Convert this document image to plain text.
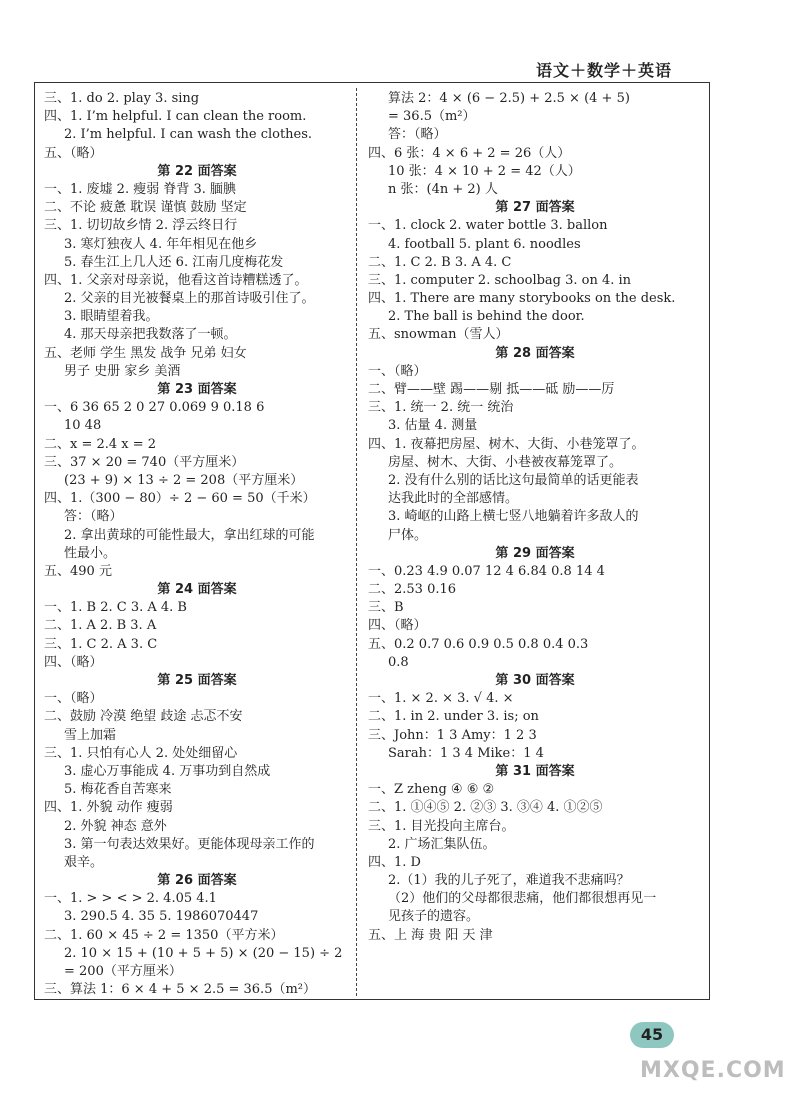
语文＋数学＋英语
三、1. do 2. play 3. sing
四、1. I’m helpful. I can clean the room.
2. I’m helpful. I can wash the clothes.
五、（略）
第 22 面答案
一、1. 废墟 2. 瘦弱 脊背 3. 腼腆
二、不论 疲惫 耽误 谨慎 鼓励 坚定
三、1. 切切故乡情 2. 浮云终日行
3. 寒灯独夜人 4. 年年相见在他乡
5. 春生江上几人还 6. 江南几度梅花发
四、1. 父亲对母亲说，他看这首诗糟糕透了。
2. 父亲的目光被餐桌上的那首诗吸引住了。
3. 眼睛望着我。
4. 那天母亲把我数落了一顿。
五、老师 学生 黑发 战争 兄弟 妇女
男子 史册 家乡 美酒
第 23 面答案
一、6 36 65 2 0 27 0.069 9 0.18 6
10 48
二、x = 2.4 x = 2
三、37 × 20 = 740（平方厘米）
(23 + 9) × 13 ÷ 2 = 208（平方厘米）
四、1.（300 − 80）÷ 2 − 60 = 50（千米）
答：（略）
2. 拿出黄球的可能性最大，拿出红球的可能
性最小。
五、490 元
第 24 面答案
一、1. B 2. C 3. A 4. B
二、1. A 2. B 3. A
三、1. C 2. A 3. C
四、（略）
第 25 面答案
一、（略）
二、鼓励 冷漠 绝望 歧途 忐忑不安
雪上加霜
三、1. 只怕有心人 2. 处处细留心
3. 虚心万事能成 4. 万事功到自然成
5. 梅花香自苦寒来
四、1. 外貌 动作 瘦弱
2. 外貌 神态 意外
3. 第一句表达效果好。更能体现母亲工作的
艰辛。
第 26 面答案
一、1. > > < > 2. 4.05 4.1
3. 290.5 4. 35 5. 1986070447
二、1. 60 × 45 ÷ 2 = 1350（平方米）
2. 10 × 15 + (10 + 5 + 5) × (20 − 15) ÷ 2
= 200（平方厘米）
三、算法 1：6 × 4 + 5 × 2.5 = 36.5（m²）
算法 2：4 × (6 − 2.5) + 2.5 × (4 + 5)
= 36.5（m²）
答：（略）
四、6 张：4 × 6 + 2 = 26（人）
10 张：4 × 10 + 2 = 42（人）
n 张：(4n + 2) 人
第 27 面答案
一、1. clock 2. water bottle 3. ballon
4. football 5. plant 6. noodles
二、1. C 2. B 3. A 4. C
三、1. computer 2. schoolbag 3. on 4. in
四、1. There are many storybooks on the desk.
2. The ball is behind the door.
五、snowman（雪人）
第 28 面答案
一、（略）
二、臂——壁 踢——剔 抵——砥 励——厉
三、1. 统一 2. 统一 统治
3. 估量 4. 测量
四、1. 夜幕把房屋、树木、大街、小巷笼罩了。
房屋、树木、大街、小巷被夜幕笼罩了。
2. 没有什么别的话比这句最简单的话更能表
达我此时的全部感情。
3. 崎岖的山路上横七竖八地躺着许多敌人的
尸体。
第 29 面答案
一、0.23 4.9 0.07 12 4 6.84 0.8 14 4
二、2.53 0.16
三、B
四、（略）
五、0.2 0.7 0.6 0.9 0.5 0.8 0.4 0.3
0.8
第 30 面答案
一、1. × 2. × 3. √ 4. ×
二、1. in 2. under 3. is; on
三、John：1 3 Amy：1 2 3
Sarah：1 3 4 Mike：1 4
第 31 面答案
一、Z zheng ④ ⑥ ②
二、1. ①④⑤ 2. ②③ 3. ③④ 4. ①②⑤
三、1. 目光投向主席台。
2. 广场汇集队伍。
四、1. D
2.（1）我的儿子死了，难道我不悲痛吗？
（2）他们的父母都很悲痛，他们都很想再见一
见孩子的遗容。
五、上 海 贵 阳 天 津
45
MXQE.COM
